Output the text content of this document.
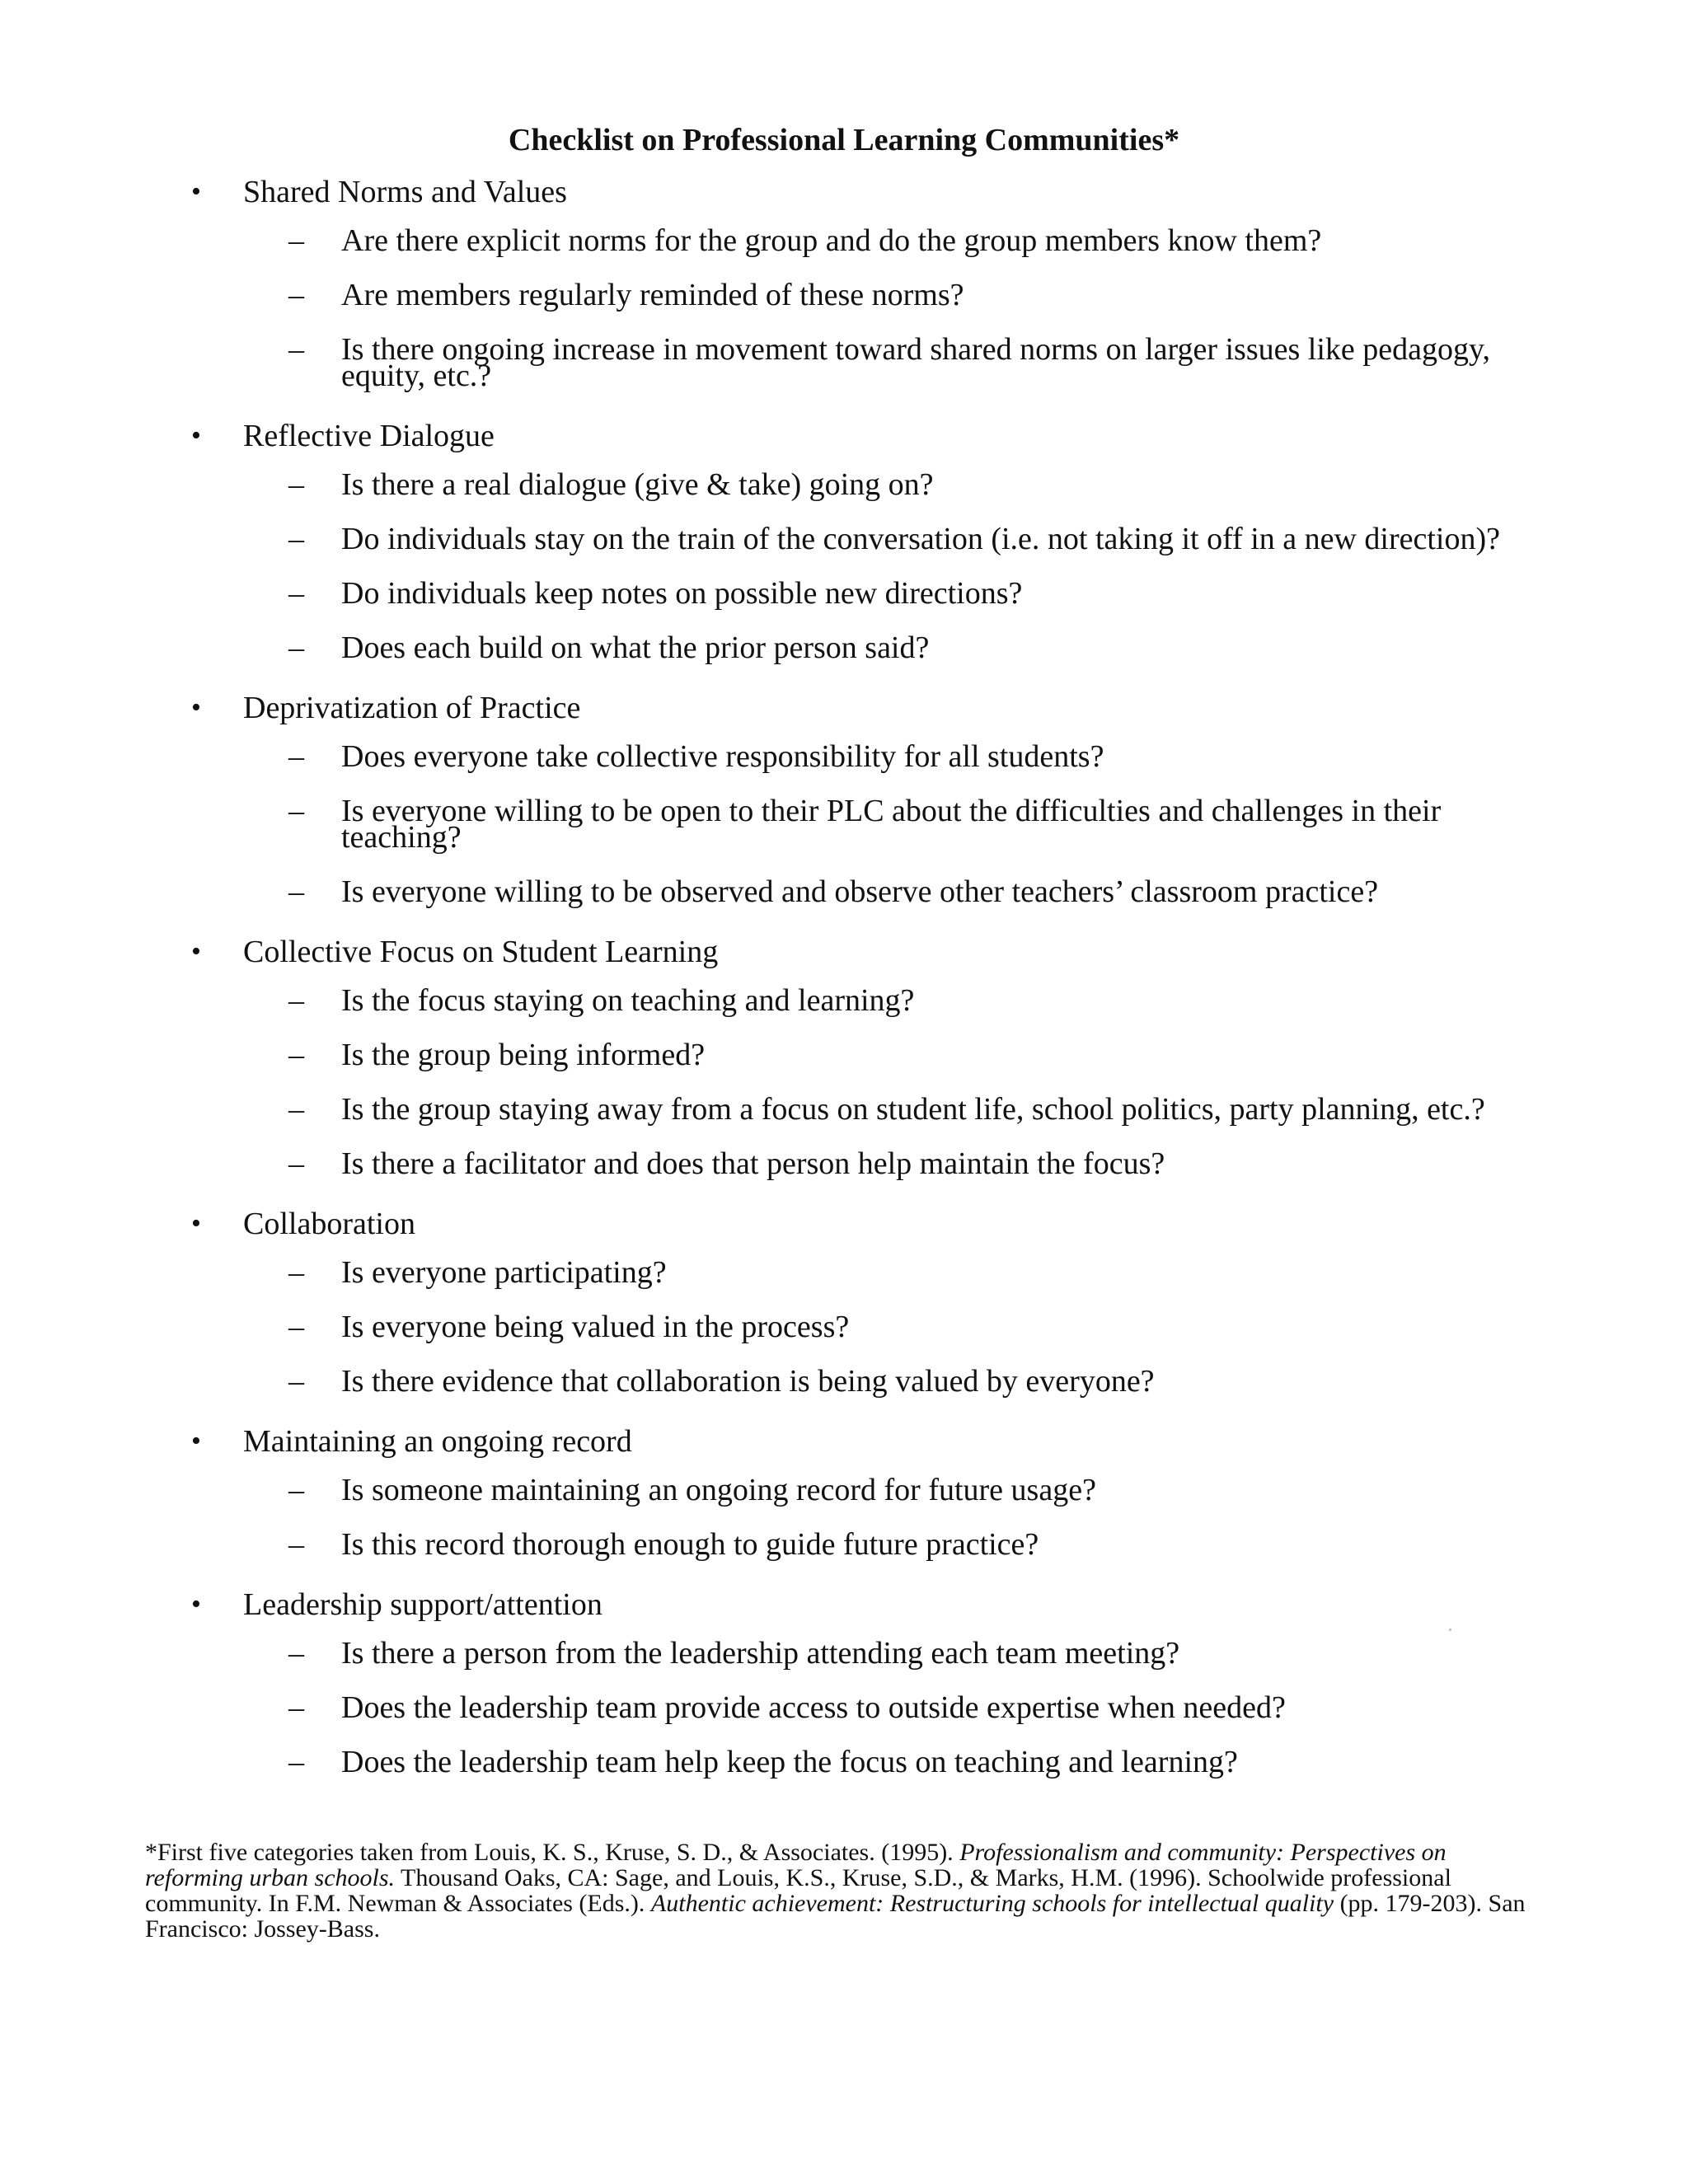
Checklist on Professional Learning Communities*
• Shared Norms and Values
– Are there explicit norms for the group and do the group members know them?
– Are members regularly reminded of these norms?
– Is there ongoing increase in movement toward shared norms on larger issues like pedagogy, equity, etc.?
• Reflective Dialogue
– Is there a real dialogue (give & take) going on?
– Do individuals stay on the train of the conversation (i.e. not taking it off in a new direction)?
– Do individuals keep notes on possible new directions?
– Does each build on what the prior person said?
• Deprivatization of Practice
– Does everyone take collective responsibility for all students?
– Is everyone willing to be open to their PLC about the difficulties and challenges in their teaching?
– Is everyone willing to be observed and observe other teachers’ classroom practice?
• Collective Focus on Student Learning
– Is the focus staying on teaching and learning?
– Is the group being informed?
– Is the group staying away from a focus on student life, school politics, party planning, etc.?
– Is there a facilitator and does that person help maintain the focus?
• Collaboration
– Is everyone participating?
– Is everyone being valued in the process?
– Is there evidence that collaboration is being valued by everyone?
• Maintaining an ongoing record
– Is someone maintaining an ongoing record for future usage?
– Is this record thorough enough to guide future practice?
• Leadership support/attention
– Is there a person from the leadership attending each team meeting?
– Does the leadership team provide access to outside expertise when needed?
– Does the leadership team help keep the focus on teaching and learning?
*First five categories taken from Louis, K. S., Kruse, S. D., & Associates. (1995). Professionalism and community: Perspectives on reforming urban schools. Thousand Oaks, CA: Sage, and Louis, K.S., Kruse, S.D., & Marks, H.M. (1996). Schoolwide professional community. In F.M. Newman & Associates (Eds.). Authentic achievement: Restructuring schools for intellectual quality (pp. 179-203). San Francisco: Jossey-Bass.
